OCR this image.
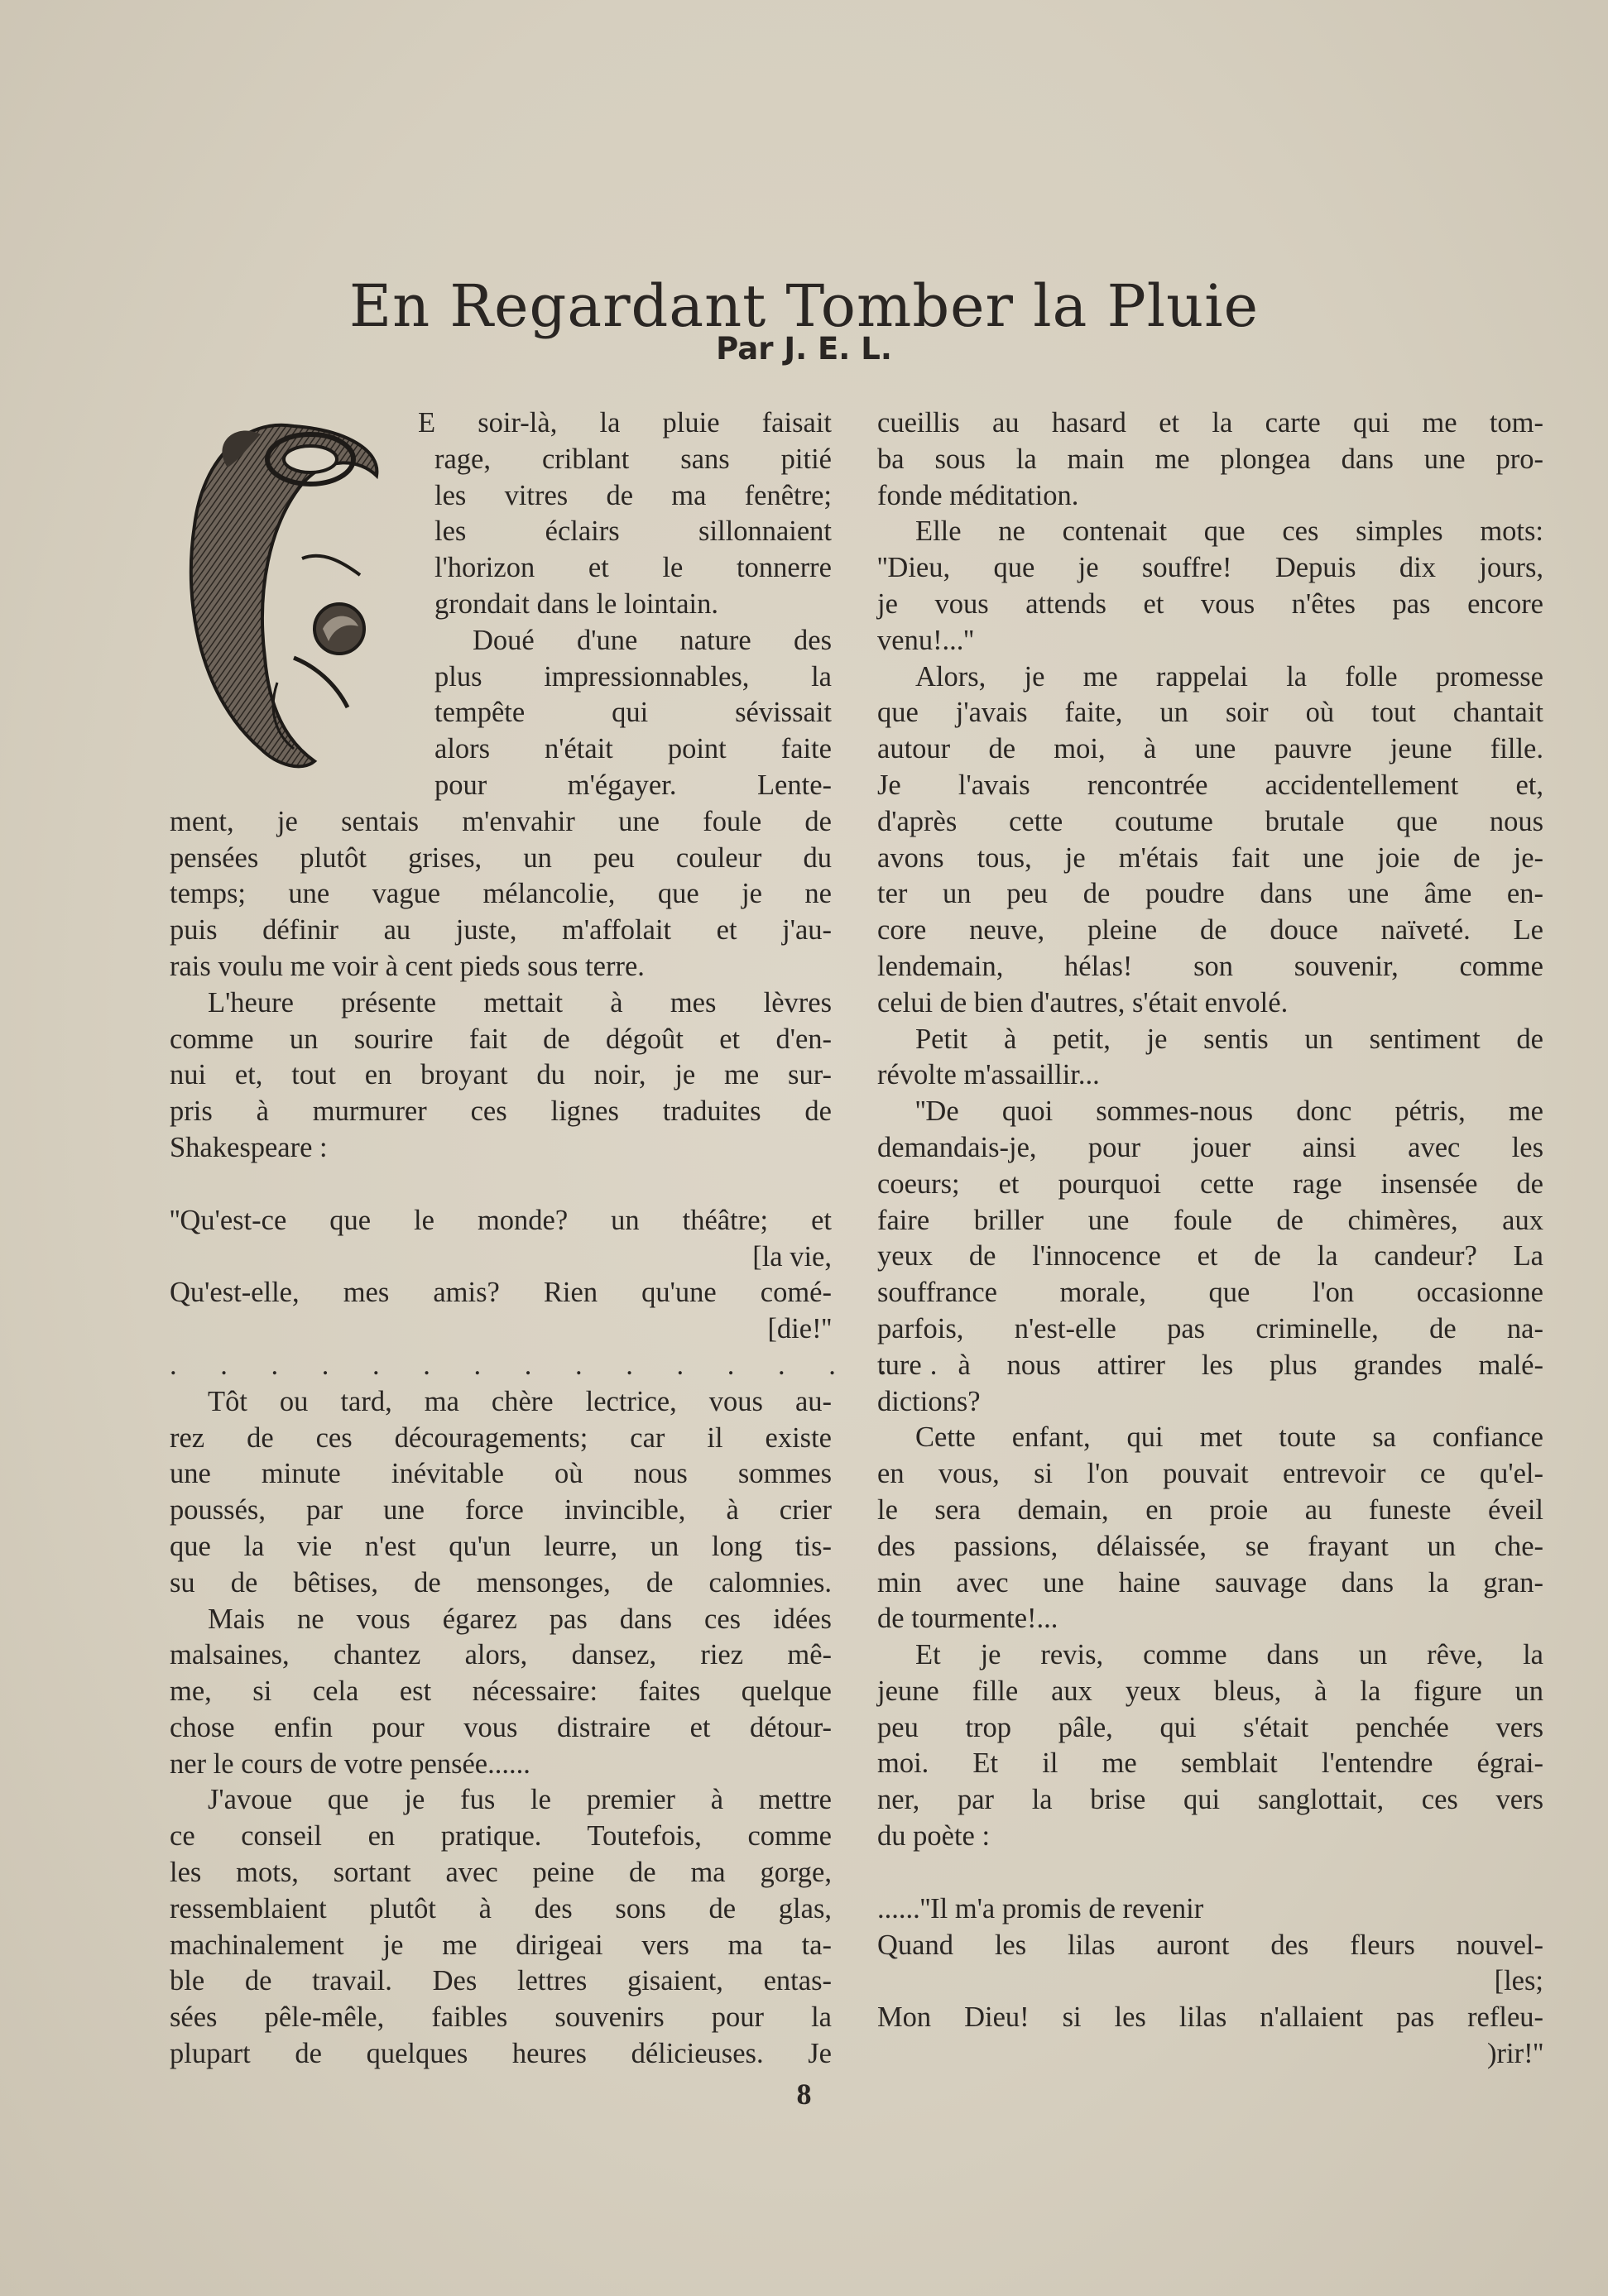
En Regardant Tomber la Pluie
Par J. E. L.
E soir-là, la pluie faisait
rage, criblant sans pitié
les vitres de ma fenêtre;
les éclairs sillonnaient
l'horizon et le tonnerre
grondait dans le lointain.
Doué d'une nature des
plus impressionnables, la
tempête qui sévissait
alors n'était point faite
pour m'égayer. Lente-
ment, je sentais m'envahir une foule de
pensées plutôt grises, un peu couleur du
temps; une vague mélancolie, que je ne
puis définir au juste, m'affolait et j'au-
rais voulu me voir à cent pieds sous terre.
L'heure présente mettait à mes lèvres
comme un sourire fait de dégoût et d'en-
nui et, tout en broyant du noir, je me sur-
pris à murmurer ces lignes traduites de
Shakespeare :
''Qu'est-ce que le monde? un théâtre; et
[la vie,
Qu'est-elle, mes amis? Rien qu'une comé-
[die!''
. . . . . . . . . . . . . . . .
Tôt ou tard, ma chère lectrice, vous au-
rez de ces découragements; car il existe
une minute inévitable où nous sommes
poussés, par une force invincible, à crier
que la vie n'est qu'un leurre, un long tis-
su de bêtises, de mensonges, de calomnies.
Mais ne vous égarez pas dans ces idées
malsaines, chantez alors, dansez, riez mê-
me, si cela est nécessaire: faites quelque
chose enfin pour vous distraire et détour-
ner le cours de votre pensée......
J'avoue que je fus le premier à mettre
ce conseil en pratique. Toutefois, comme
les mots, sortant avec peine de ma gorge,
ressemblaient plutôt à des sons de glas,
machinalement je me dirigeai vers ma ta-
ble de travail. Des lettres gisaient, entas-
sées pêle-mêle, faibles souvenirs pour la
plupart de quelques heures délicieuses. Je
cueillis au hasard et la carte qui me tom-
ba sous la main me plongea dans une pro-
fonde méditation.
Elle ne contenait que ces simples mots:
''Dieu, que je souffre! Depuis dix jours,
je vous attends et vous n'êtes pas encore
venu!...''
Alors, je me rappelai la folle promesse
que j'avais faite, un soir où tout chantait
autour de moi, à une pauvre jeune fille.
Je l'avais rencontrée accidentellement et,
d'après cette coutume brutale que nous
avons tous, je m'étais fait une joie de je-
ter un peu de poudre dans une âme en-
core neuve, pleine de douce naïveté. Le
lendemain, hélas! son souvenir, comme
celui de bien d'autres, s'était envolé.
Petit à petit, je sentis un sentiment de
révolte m'assaillir...
''De quoi sommes-nous donc pétris, me
demandais-je, pour jouer ainsi avec les
coeurs; et pourquoi cette rage insensée de
faire briller une foule de chimères, aux
yeux de l'innocence et de la candeur? La
souffrance morale, que l'on occasionne
parfois, n'est-elle pas criminelle, de na-
ture à nous attirer les plus grandes malé-
dictions?
Cette enfant, qui met toute sa confiance
en vous, si l'on pouvait entrevoir ce qu'el-
le sera demain, en proie au funeste éveil
des passions, délaissée, se frayant un che-
min avec une haine sauvage dans la gran-
de tourmente!...
Et je revis, comme dans un rêve, la
jeune fille aux yeux bleus, à la figure un
peu trop pâle, qui s'était penchée vers
moi. Et il me semblait l'entendre égrai-
ner, par la brise qui sanglottait, ces vers
du poète :
......''Il m'a promis de revenir
Quand les lilas auront des fleurs nouvel-
[les;
Mon Dieu! si les lilas n'allaient pas refleu-
)rir!''
8
